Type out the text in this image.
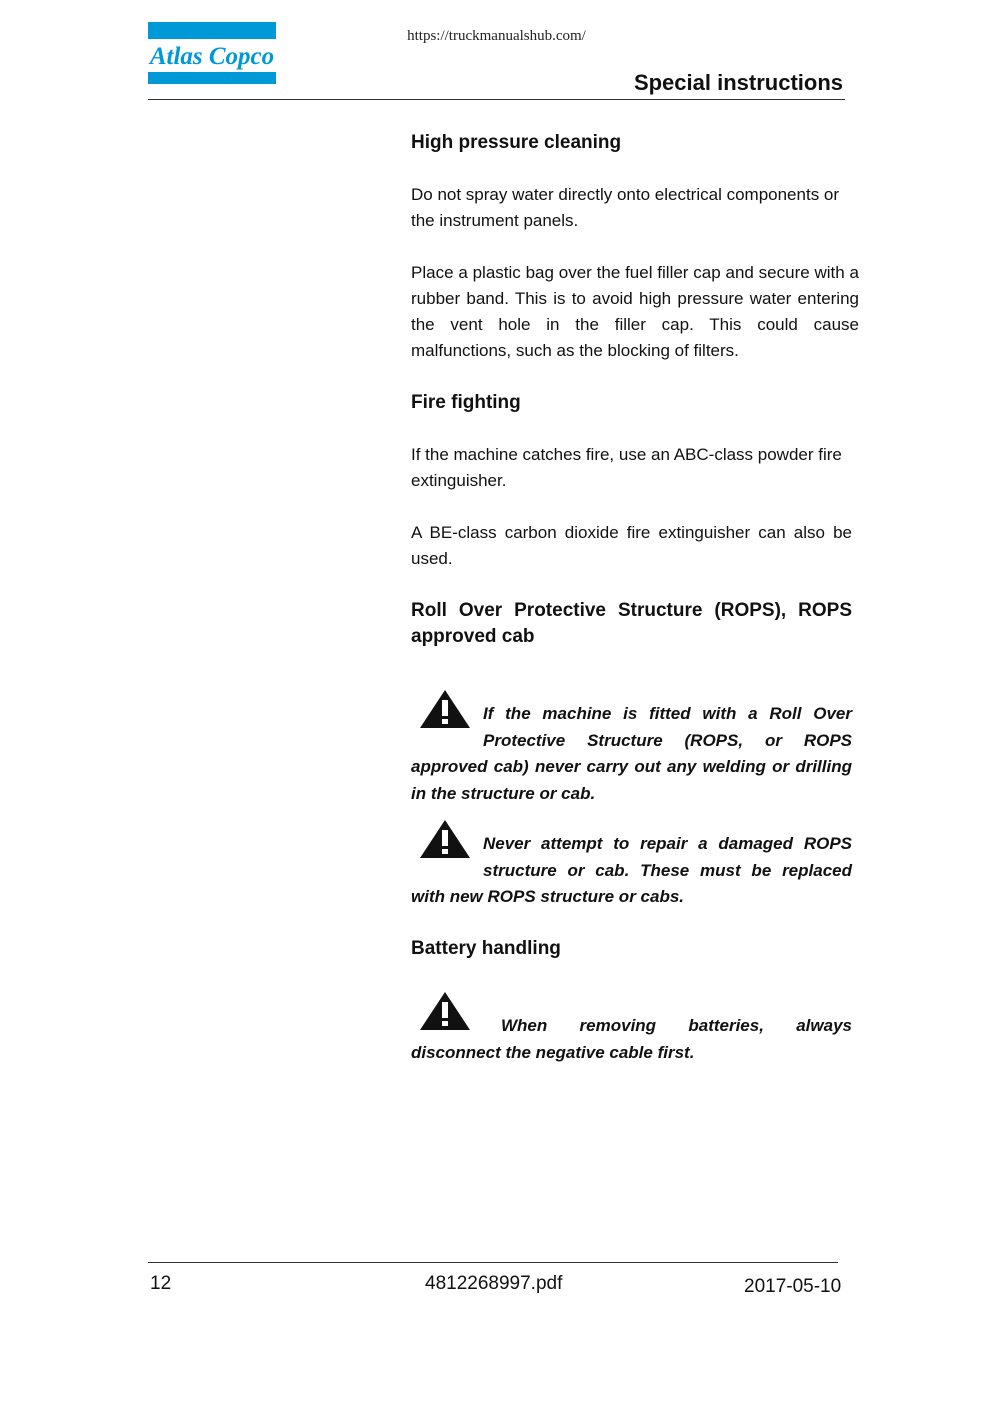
https://truckmanualshub.com/
Atlas Copco
Special instructions
High pressure cleaning
Do not spray water directly onto electrical components or the instrument panels.
Place a plastic bag over the fuel filler cap and secure with a rubber band. This is to avoid high pressure water entering the vent hole in the filler cap. This could cause malfunctions, such as the blocking of filters.
Fire fighting
If the machine catches fire, use an ABC-class powder fire extinguisher.
A BE-class carbon dioxide fire extinguisher can also be used.
Roll Over Protective Structure (ROPS), ROPS approved cab
If the machine is fitted with a Roll Over Protective Structure (ROPS, or ROPS approved cab) never carry out any welding or drilling in the structure or cab.
Never attempt to repair a damaged ROPS structure or cab. These must be replaced with new ROPS structure or cabs.
Battery handling
When removing batteries, always disconnect the negative cable first.
12	4812268997.pdf	2017-05-10
